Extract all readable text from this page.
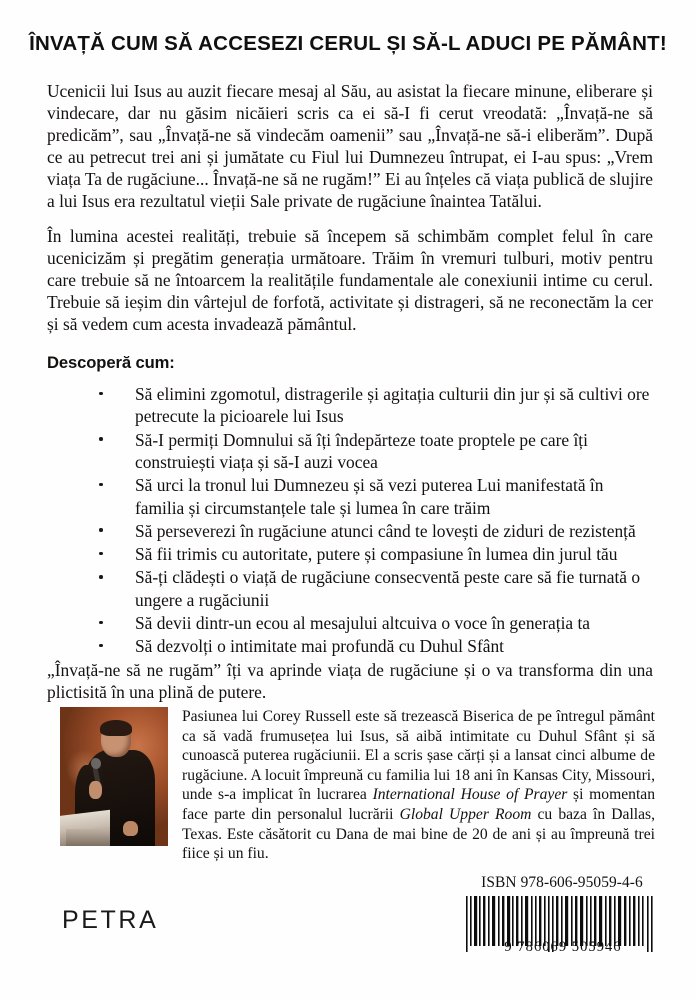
ÎNVAȚĂ CUM SĂ ACCESEZI CERUL ȘI SĂ-L ADUCI PE PĂMÂNT!

Ucenicii lui Isus au auzit fiecare mesaj al Său, au asistat la fiecare minune, eliberare și vindecare, dar nu găsim nicăieri scris ca ei să-I fi cerut vreodată: „Învață-ne să predicăm”, sau „Învață-ne să vindecăm oamenii” sau „Învață-ne să-i eliberăm”. După ce au petrecut trei ani și jumătate cu Fiul lui Dumnezeu întrupat, ei I-au spus: „Vrem viața Ta de rugăciune... Învață-ne să ne rugăm!” Ei au înțeles că viața publică de slujire a lui Isus era rezultatul vieții Sale private de rugăciune înaintea Tatălui.

În lumina acestei realități, trebuie să începem să schimbăm complet felul în care ucenicizăm și pregătim generația următoare. Trăim în vremuri tulburi, motiv pentru care trebuie să ne întoarcem la realitățile fundamentale ale conexiunii intime cu cerul. Trebuie să ieșim din vârtejul de forfotă, activitate și distrageri, să ne reconectăm la cer și să vedem cum acesta invadează pământul.

Descoperă cum:
Să elimini zgomotul, distragerile și agitația culturii din jur și să cultivi ore petrecute la picioarele lui Isus
Să-I permiți Domnului să îți îndepărteze toate proptele pe care îți construiești viața și să-I auzi vocea
Să urci la tronul lui Dumnezeu și să vezi puterea Lui manifestată în familia și circumstanțele tale și lumea în care trăim
Să perseverezi în rugăciune atunci când te lovești de ziduri de rezistență
Să fii trimis cu autoritate, putere și compasiune în lumea din jurul tău
Să-ți clădești o viață de rugăciune consecventă peste care să fie turnată o ungere a rugăciunii
Să devii dintr-un ecou al mesajului altcuiva o voce în generația ta
Să dezvolți o intimitate mai profundă cu Duhul Sfânt

„Învață-ne să ne rugăm” îți va aprinde viața de rugăciune și o va transforma din una plictisită în una plină de putere.

Pasiunea lui Corey Russell este să trezească Biserica de pe întregul pământ ca să vadă frumusețea lui Isus, să aibă intimitate cu Duhul Sfânt și să cunoască puterea rugăciunii. El a scris șase cărți și a lansat cinci albume de rugăciune. A locuit împreună cu familia lui 18 ani în Kansas City, Missouri, unde s-a implicat în lucrarea International House of Prayer și momentan face parte din personalul lucrării Global Upper Room cu baza în Dallas, Texas. Este căsătorit cu Dana de mai bine de 20 de ani și au împreună trei fiice și un fiu.

PETRA
ISBN 978-606-95059-4-6
9 786069 505946
